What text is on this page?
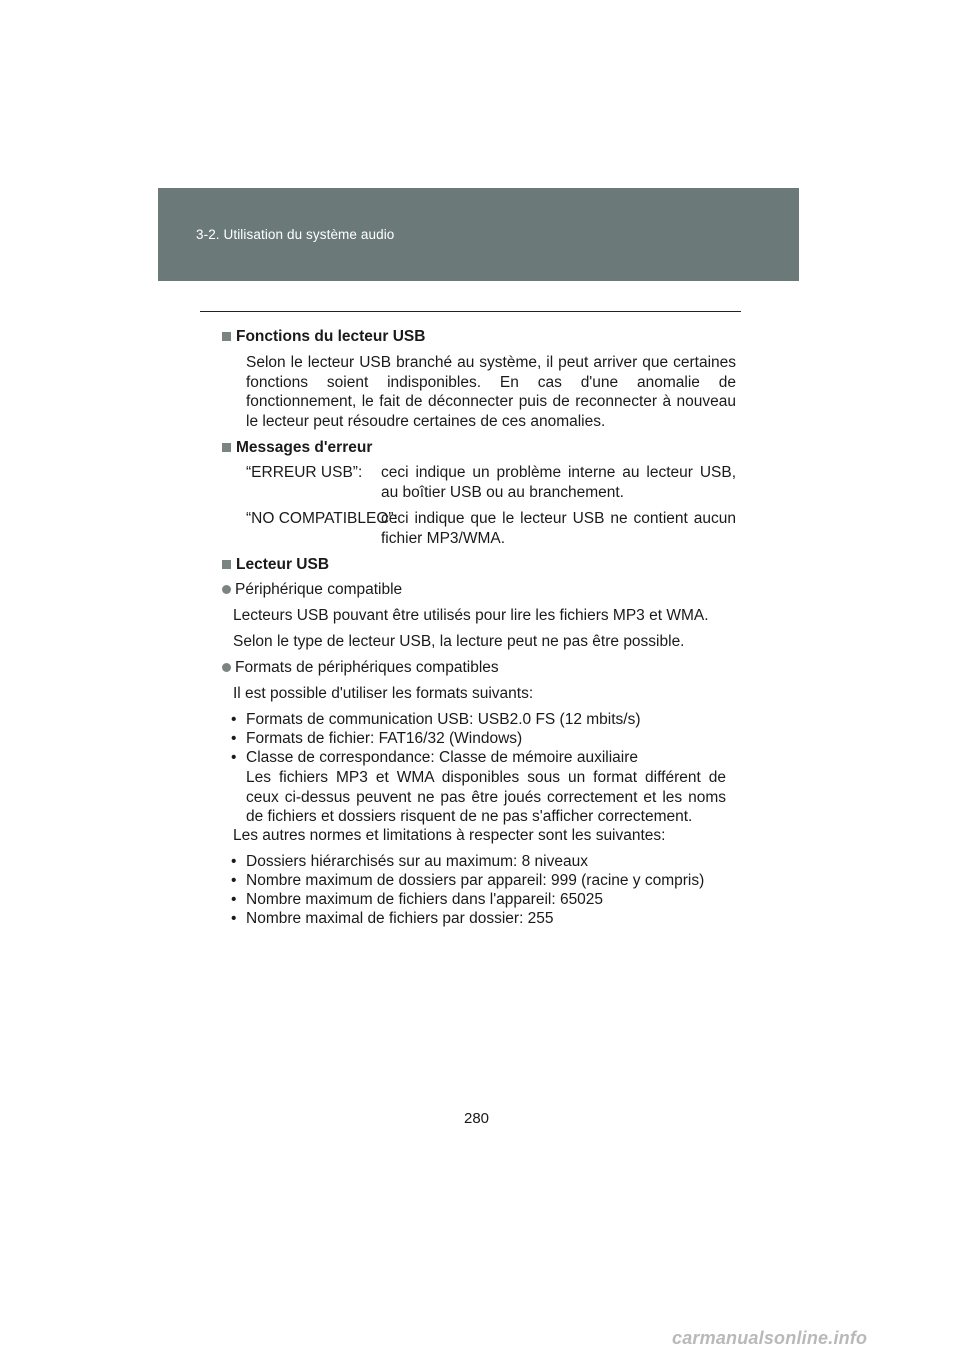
3-2. Utilisation du système audio
Fonctions du lecteur USB
Selon le lecteur USB branché au système, il peut arriver que certaines fonctions soient indisponibles. En cas d'une anomalie de fonctionnement, le fait de déconnecter puis de reconnecter à nouveau le lecteur peut résoudre certaines de ces anomalies.
Messages d'erreur
“ERREUR USB”: ceci indique un problème interne au lecteur USB, au boîtier USB ou au branchement.
“NO COMPATIBLEO”:
ceci indique que le lecteur USB ne contient aucun fichier MP3/WMA.
Lecteur USB
Périphérique compatible
Lecteurs USB pouvant être utilisés pour lire les fichiers MP3 et WMA.
Selon le type de lecteur USB, la lecture peut ne pas être possible.
Formats de périphériques compatibles
Il est possible d'utiliser les formats suivants:
• Formats de communication USB: USB2.0 FS (12 mbits/s)
• Formats de fichier: FAT16/32 (Windows)
• Classe de correspondance: Classe de mémoire auxiliaire
Les fichiers MP3 et WMA disponibles sous un format différent de ceux ci-dessus peuvent ne pas être joués correctement et les noms de fichiers et dossiers risquent de ne pas s'afficher correctement.
Les autres normes et limitations à respecter sont les suivantes:
• Dossiers hiérarchisés sur au maximum: 8 niveaux
• Nombre maximum de dossiers par appareil: 999 (racine y compris)
• Nombre maximum de fichiers dans l'appareil: 65025
• Nombre maximal de fichiers par dossier: 255
280
carmanualsonline.info
